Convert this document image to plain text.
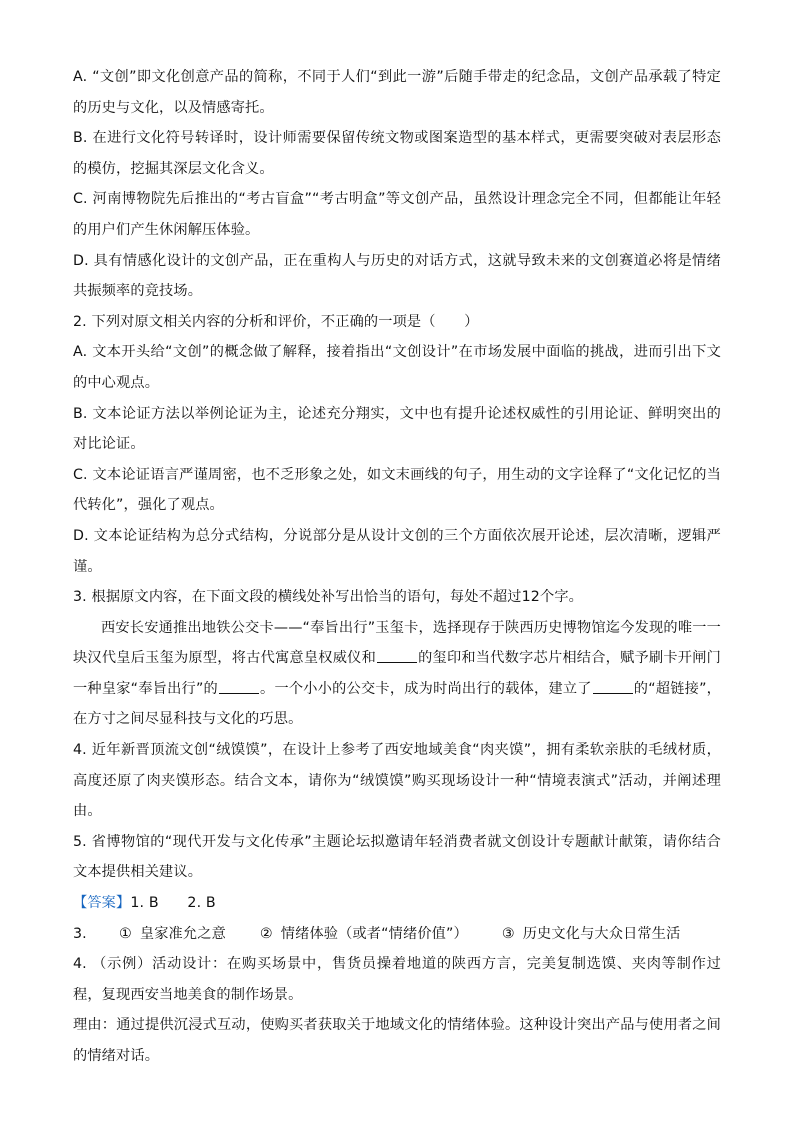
A. “文创”即文化创意产品的简称，不同于人们“到此一游”后随手带走的纪念品，文创产品承载了特定的历史与文化，以及情感寄托。

B. 在进行文化符号转译时，设计师需要保留传统文物或图案造型的基本样式，更需要突破对表层形态的模仿，挖掘其深层文化含义。

C. 河南博物院先后推出的“考古盲盒”“考古明盒”等文创产品，虽然设计理念完全不同，但都能让年轻的用户们产生休闲解压体验。

D. 具有情感化设计的文创产品，正在重构人与历史的对话方式，这就导致未来的文创赛道必将是情绪共振频率的竞技场。

2. 下列对原文相关内容的分析和评价，不正确的一项是（　　）

A. 文本开头给“文创”的概念做了解释，接着指出“文创设计”在市场发展中面临的挑战，进而引出下文的中心观点。

B. 文本论证方法以举例论证为主，论述充分翔实，文中也有提升论述权威性的引用论证、鲜明突出的对比论证。

C. 文本论证语言严谨周密，也不乏形象之处，如文末画线的句子，用生动的文字诠释了“文化记忆的当代转化”，强化了观点。

D. 文本论证结构为总分式结构，分说部分是从设计文创的三个方面依次展开论述，层次清晰，逻辑严谨。

3. 根据原文内容，在下面文段的横线处补写出恰当的语句，每处不超过12个字。

西安长安通推出地铁公交卡——“奉旨出行”玉玺卡，选择现存于陕西历史博物馆迄今发现的唯一一块汉代皇后玉玺为原型，将古代寓意皇权威仪和	的玺印和当代数字芯片相结合，赋予刷卡开闸门一种皇家“奉旨出行”的	。一个小小的公交卡，成为时尚出行的载体，建立了	的“超链接”，在方寸之间尽显科技与文化的巧思。

4. 近年新晋顶流文创“绒馍馍”，在设计上参考了西安地域美食“肉夹馍”，拥有柔软亲肤的毛绒材质，高度还原了肉夹馍形态。结合文本，请你为“绒馍馍”购买现场设计一种“情境表演式”活动，并阐述理由。

5. 省博物馆的“现代开发与文化传承”主题论坛拟邀请年轻消费者就文创设计专题献计献策，请你结合文本提供相关建议。

【答案】1. B　　2. B

3.	① 皇家准允之意 ② 情绪体验（或者“情绪价值”） ③ 历史文化与大众日常生活

4. （示例）活动设计：在购买场景中，售货员操着地道的陕西方言，完美复制选馍、夹肉等制作过程，复现西安当地美食的制作场景。

理由：通过提供沉浸式互动，使购买者获取关于地域文化的情绪体验。这种设计突出产品与使用者之间的情绪对话。
